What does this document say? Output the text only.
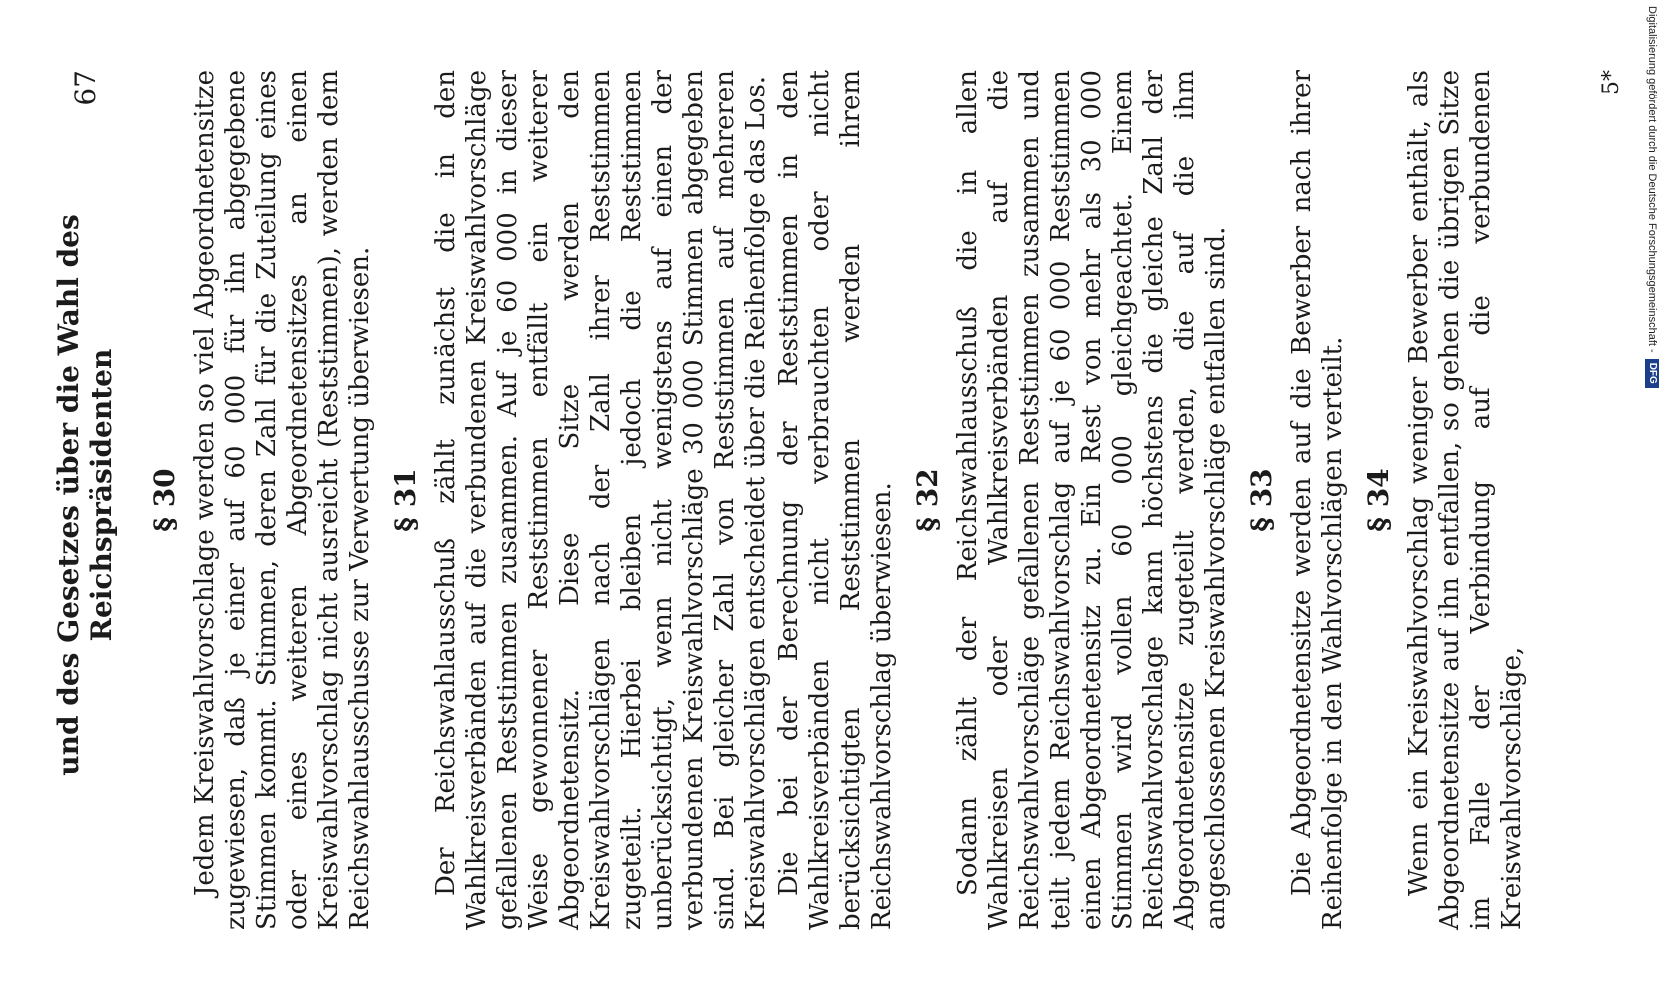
und des Gesetzes über die Wahl des Reichspräsidenten
67
§ 30 Jedem Kreiswahlvorschlage werden so viel Abgeordnetensitze zugewiesen, daß je einer auf 60 000 für ihn abgegebene Stimmen kommt. Stimmen, deren Zahl für die Zuteilung eines oder eines weiteren Abgeordnetensitzes an einen Kreiswahlvorschlag nicht ausreicht (Reststimmen), werden dem Reichswahlausschusse zur Verwertung überwiesen. § 31 Der Reichswahlausschuß zählt zunächst die in den Wahlkreisverbänden auf die verbundenen Kreiswahlvorschläge gefallenen Reststimmen zusammen. Auf je 60 000 in dieser Weise gewonnener Reststimmen entfällt ein weiterer Abgeordnetensitz. Diese Sitze werden den Kreiswahlvorschlägen nach der Zahl ihrer Reststimmen zugeteilt. Hierbei bleiben jedoch die Reststimmen unberücksichtigt, wenn nicht wenigstens auf einen der verbundenen Kreiswahlvorschläge 30 000 Stimmen abgegeben sind. Bei gleicher Zahl von Reststimmen auf mehreren Kreiswahlvorschlägen entscheidet über die Reihenfolge das Los. Die bei der Berechnung der Reststimmen in den Wahlkreisverbänden nicht verbrauchten oder nicht berücksichtigten Reststimmen werden ihrem Reichswahlvorschlag überwiesen. § 32 Sodann zählt der Reichswahlausschuß die in allen Wahlkreisen oder Wahlkreisverbänden auf die Reichswahlvorschläge gefallenen Reststimmen zusammen und teilt jedem Reichswahlvorschlag auf je 60 000 Reststimmen einen Abgeordnetensitz zu. Ein Rest von mehr als 30 000 Stimmen wird vollen 60 000 gleichgeachtet. Einem Reichswahlvorschlage kann höchstens die gleiche Zahl der Abgeordnetensitze zugeteilt werden, die auf die ihm angeschlossenen Kreiswahlvorschläge entfallen sind. § 33 Die Abgeordnetensitze werden auf die Bewerber nach ihrer Reihenfolge in den Wahlvorschlägen verteilt. § 34 Wenn ein Kreiswahlvorschlag weniger Bewerber enthält, als Abgeordnetensitze auf ihn entfallen, so gehen die übrigen Sitze im Falle der Verbindung auf die verbundenen Kreiswahlvorschläge,

5* Digitalisierung gefördert durch die Deutsche Forschungsgemeinschaft -
DFG
